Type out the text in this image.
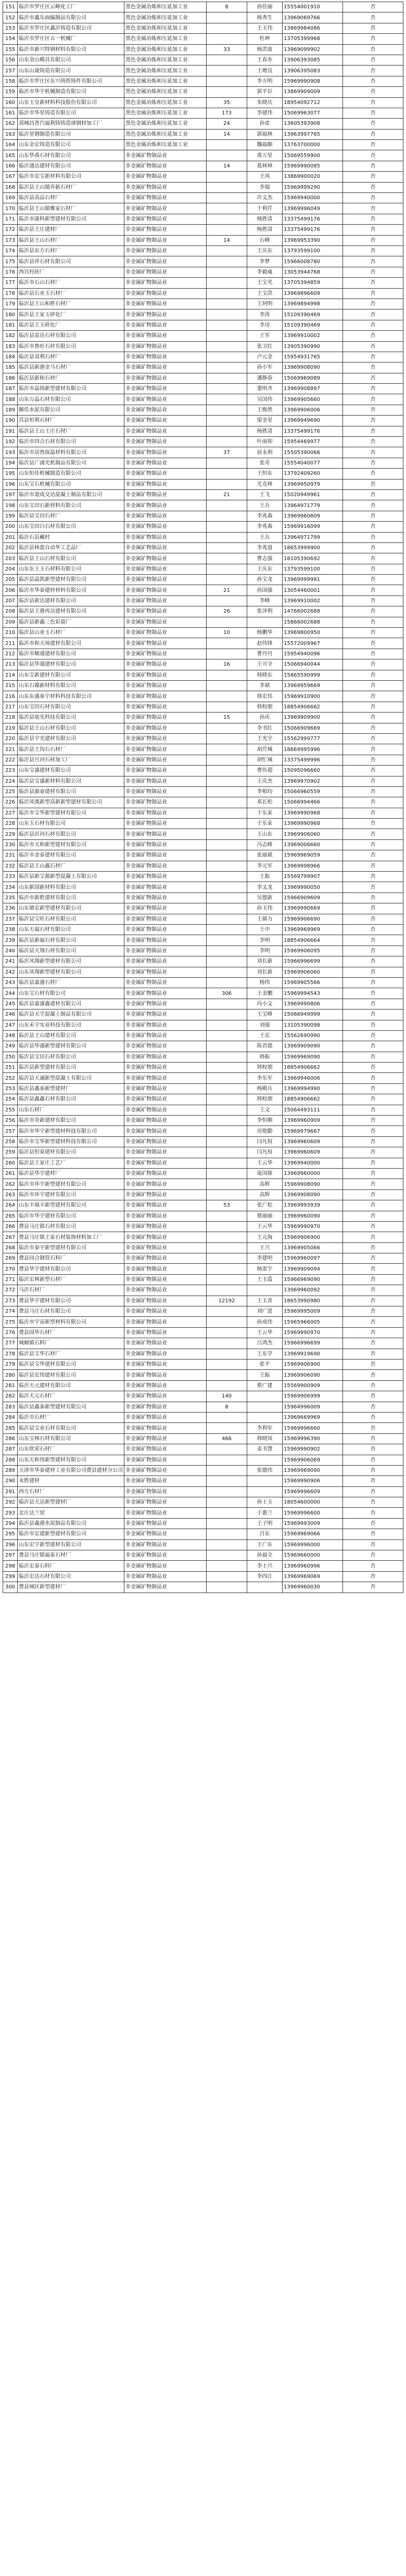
151	临沂市罗庄区云峰化工厂	黑色金属冶炼和压延加工业	8	孙佳丽	15554001910	否
152	临沂市鑫乐面编制品有限公司	黑色金属冶炼和压延加工业		杨秀生	13969069766	否
153	临沂市罗庄区鑫沂铸造有限公司	黑色金属冶炼和压延加工业		王玉伟	13869984086	否
154	临沂市罗庄区五一机械厂	黑色金属冶炼和压延加工业		杜坤	13705399968	否
155	临沂市新兴特钢材料有限公司	黑色金属冶炼和压延加工业	33	杨洪波	13969099902	否
156	山东金山模具有限公司	黑色金属冶炼和压延加工业		王春水	13906393085	否
157	山东山晟铸造有限公司	黑色金属冶炼和压延加工业		王增良	13906395083	否
158	临沂市罗庄区东兴铸铁铸件有限公司	黑色金属冶炼和压延加工业		李方明	15969990908	否
159	临沂市华宇机械制造有限公司	黑色金属冶炼和压延加工业		郭平臣	13869909009	否
160	山东玉皇新材料科技股份有限公司	黑色金属冶炼和压延加工业	35	朱晓庆	18954092712	否
161	临沂市华星铸造有限公司	黑色金属冶炼和压延加工业	173	李建伟	15069963077	否
162	邳城昌普汽福利铸铸造球钢材加工厂	黑色金属冶炼和压延加工业	24	孙雷	13605393908	否
163	临沂星钢制造有限公司	黑色金属冶炼和压延加工业	14	郭福林	13963997765	否
164	山东金宏铸造有限公司	黑色金属冶炼和压延加工业		魏福顺	13763700000	否
165	山东华禹石材有限公司	非金属矿物制品业		黄万星	15069559900	否
166	临沂通达建材有限公司	非金属矿物制品业	14	葛林林	15969990085	否
167	临沂市宏宝新材料有限公司	非金属矿物制品业		王风	13869900020	否
168	临沂县王山镇乔新石材厂	非金属矿物制品业		李瑞	15969999290	否
169	临沂县高品石材厂	非金属矿物制品业		许文杰	15969940000	否
170	临沂县王山镇雅家石材厂	非金属矿物制品业		于利芹	13969996049	否
171	临沂市康科新型建材有限公司	非金属矿物制品业		杨胜清	13375499176	否
172	临沂县王庄建材厂	非金属矿物制品业		杨胜清	13375499176	否
173	临沂县王山石材厂	非金属矿物制品业	14	石峰	13969953390	否
174	临沂县东方石材厂	非金属矿物制品业		王庆东	13793599100	否
175	临沂县祥石材有限公司	非金属矿物制品业		李梦	15966008780	否
176	西宫村砖厂	非金属矿物制品业		李毅威	13053944768	否
177	临沂市石山石材厂	非金属矿物制品业		王宝光	13705394859	否
178	临沂县石业玉石材厂	非金属矿物制品业		王宝洪	13969896609	否
179	临沂县王山和胜石材厂	非金属矿物制品业		王珂明	13969894998	否
180	临沂县王家玉碎化厂	非金属矿物制品业		李涛	15109390469	否
181	临沂县王玉碎化厂	非金属矿物制品业		李诗	15109390469	否
182	临沂县富达石材有限公司	非金属矿物制品业		王军	13969910002	否
183	临沂市鲁旺石材有限公司	非金属矿物制品业		张卫红	13905390990	否
184	临沂县双利石材厂	非金属矿物制品业		卢元金	15954931765	否
185	临沂县新港金马石材厂	非金属矿物制品业		孙小军	13969908090	否
186	临沂县新和石材厂	非金属矿物制品业		潘静春	15069969089	否
187	临沂市晶铸新型建材有限公司	非金属矿物制品业		董明齐	13969908897	否
188	山东万晶石材有限公司	非金属矿物制品业		吴国伟	13969905660	否
189	颐佳水泥有限公司	非金属矿物制品业		王焕然	13969906006	否
190	莒县恒利石材厂	非金属矿物制品业		梁金星	13969949690	否
191	临沂县王山王庄石材厂	非金属矿物制品业		杨胜清	13375499176	否
192	临沂市四合石材有限公司	非金属矿物制品业		叶雨卯	15954469977	否
193	临沂市居然保温材料有限公司	非金属矿物制品业	37	屈永利	15505390066	否
194	临沂县广浦光机制品有限公司	非金属矿物制品业		张奇	15554040077	否
195	山东恒佳机械制造有限公司	非金属矿物制品业		王恒东	13792409260	否
196	山东宝石机械有限公司	非金属矿物制品业		尤克林	13969950979	否
197	临沂市道成交达混凝土制品有限公司	非金属矿物制品业	21	王飞	15020949961	否
198	山东宝田石新材料有限公司	非金属矿物制品业		王兵	13964971779	否
199	临沂县宝田石材厂	非金属矿物制品业		李兆森	13969960809	否
200	山东宝田白石材有限公司	非金属矿物制品业		李兆森	15969916099	否
201	临沂石县藏村	非金属矿物制品业		王兵	13964971799	否
202	临沂县林盈自动华工艺品厂	非金属矿物制品业		李兆道	18653999900	否
203	临沂县王山石材有限公司	非金属矿物制品业		曹志强	18105390692	否
204	山东东王玉石材料有限公司	非金属矿物制品业		王庆东	13793599100	否
205	临沂县晶凯新型建材有限公司	非金属矿物制品业		孙宝龙	13969999991	否
206	临沂市华泰建材材料有限公司	非金属矿物制品业	21	孙国强	13054460001	否
207	临沂县新达建材有限公司	非金属矿物制品业		李峰	13969910002	否
208	临沂县王港再达建材有限公司	非金属矿物制品业	26	张泽利	14766002688	否
209	临沂县新鑫三色彩瓷厂	非金属矿物制品业			15866002688	否
210	临沂县山业玉石材厂	非金属矿物制品业	10	杨鹏华	13969800950	否
211	临沂市和天场建材有限公司	非金属矿物制品业		赵伟锋	15572009967	否
212	临沂市顺通建材有限公司	非金属矿物制品业		曹丹丹	15954940096	否
213	临沂县华通建材有限公司	非金属矿物制品业	16	王可全	15066940044	否
214	山东宝新建材有限公司	非金属矿物制品业		韩晓东	15865590999	否
215	山东石赣新材料有限公司	非金属矿物制品业		李斌	13969959669	否
216	山东东盛泰宇材料科技有限公司	非金属矿物制品业		韩宏伟	15969910900	否
217	山东宝田石材有限公司	非金属矿物制品业		韩校朋	18854906662	否
218	临沂县旭光科技有限公司	非金属矿物制品业	15	孙庆	13969909900	否
219	临沂县王山石材有限公司	非金属矿物制品业		李书红	15066909669	否
220	临沂县宇光建材有限公司	非金属矿物制品业		王光宇	15562999777	否
221	临沂县王沟石石材厂	非金属矿物制品业		胡芹城	18669995996	否
222	临沂县月河石材加工厂	非金属矿物制品业		胡忙城	13375499996	否
223	山东宝盛建材有限公司	非金属矿物制品业		曹传超	15095096660	否
224	临沂县宝盛新材料有限公司	非金属矿物制品业		王庆杰	13969970902	否
225	临沂县源泰建材有限公司	非金属矿物制品业		李相均	15066960559	否
226	临沂凤凰新型高新新型建材有限公司	非金属矿物制品业		邓长松	15066994466	否
227	临沂市宝华新型建材有限公司	非金属矿物制品业		于乐家	13969990968	否
228	山东玉石材有限公司	非金属矿物制品业		于乐家	13969990968	否
229	临沂县沂河石材有限公司	非金属矿物制品业		王山东	13969906060	否
230	临沂市天和新型建材有限公司	非金属矿物制品业		冯志峰	13969006660	否
231	临沂市金泰建材有限公司	非金属矿物制品业		张丽斌	15969969059	否
232	临沂县王山鑫石材厂	非金属矿物制品业		李元军	13969998966	否
233	临沂县新宝源新型混凝土有限公司	非金属矿物制品业		王振	15569799907	否
234	山东新国新材料有限公司	非金属矿物制品业		李文龙	13969990050	否
235	临沂市新胜建材有限公司	非金属矿物制品业		吴德新	15966909609	否
236	山东鼎宏新型建材有限公司	非金属矿物制品业		孙玉伟	13969990669	否
237	临沂县宝旺石材有限公司	非金属矿物制品业		王郝力	15969906690	否
238	山东天福石材有限公司	非金属矿物制品业		王中	13969969969	否
239	临沂县新福石材有限公司	非金属矿物制品业		李明	18854906664	否
240	临沂县天翔石材有限公司	非金属矿物制品业		李明	15969906095	否
241	临沂凤翔新型建材有限公司	非金属矿物制品业		刘长新	15966996699	否
242	山东凤翔新型建材有限公司	非金属矿物制品业		刘长新	15969906060	否
243	临沂县嘉盛石材厂	非金属矿物制品业		杨伟	15969905566	否
244	山东宝石材有限公司	非金属矿物制品业	306	王金鹏	15969994543	否
245	临沂县嘉盛鑫建材有限公司	非金属矿物制品业		冯小文	13969990806	否
246	临沂县天宇混凝土制品有限公司	非金属矿物制品业		王宝峰	15066949999	否
247	山东禾宇实业科技有限公司	非金属矿物制品业		刘强	13105390098	否
248	临沂县王山建材有限公司	非金属矿物制品业		王宏	15562690990	否
249	临沂县华盛新型建材有限公司	非金属矿物制品业		陈君德	13969909090	否
250	临沂县宝田石材有限公司	非金属矿物制品业		韩振	15969969090	否
251	临沂县新型建材有限公司	非金属矿物制品业		韩校朋	18854906662	否
252	临沂县天诚新型混凝土有限公司	非金属矿物制品业		李乐军	13969946006	否
253	临沂县鑫泰新型建材厂	非金属矿物制品业		杨殿兵	13969994990	否
254	临沂县鑫鑫石材有限公司	非金属矿物制品业		韩校朋	18854906662	否
255	山东石材厂	非金属矿物制品业		王文	15064493111	否
256	临沂市奇新建材有限公司	非金属矿物制品业		李恒顺	13969960909	否
257	临沂市华宇新型建材科技有限公司	非金属矿物制品业		房艳勤	15969979667	否
258	临沂市宝华新型建材科技有限公司	非金属矿物制品业		闫凡权	13969960609	否
259	临沂县恒泰建材有限公司	非金属矿物制品业		闫凡权	13969960609	否
260	临沂县王家庄工艺厂	非金属矿物制品业		王云华	13969940000	否
261	临沂县华宇建材厂	非金属矿物制品业		庞国保	13969960000	否
262	临沂市环宇新型建材有限公司	非金属矿物制品业		高辉	15969908090	否
263	临沂市环宇建材有限公司	非金属矿物制品业		高辉	13969908090	否
264	山东丰瑞丰新型建材有限公司	非金属矿物制品业	53	张广松	13969993939	否
265	临沂市华宇建材有限公司	非金属矿物制品业		蔡丽丽	13969960090	否
266	费县马庄镇石材有限公司	非金属矿物制品业		王云华	15969990970	否
267	费县马庄镇王家石材装饰材料加工厂	非金属矿物制品业		王元海	15969906900	否
268	临沂市泰宇新型建材有限公司	非金属矿物制品业		王兴	13969905066	否
269	费县同合钢管石料厂	非金属矿物制品业		李建明	15969960097	否
270	费县华宇建材有限公司	非金属矿物制品业		杨雷宇	13969909094	否
271	临沂宏林新型石材厂	非金属矿物制品业		王玉霞	15966969090	否
272	马沂石材厂	非金属矿物制品业			13969960092	否
273	费县华宇建材有限公司	非金属矿物制品业	12192	王玉喜	18653990980	否
274	费县马庄石材有限公司	非金属矿物制品业		刘广进	15969995009	否
275	临沂市宇宙新型材料有限公司	非金属矿物制品业		孙成伟	15965966005	否
276	费县国华石材厂	非金属矿物制品业		王云华	15969990970	否
277	城厢镇石料厂	非金属矿物制品业		吕鸿杰	15966996699	否
278	临沂县宝华石材厂	非金属矿物制品业		王东学	13969919690	否
279	临沂县宝华建材有限公司	非金属矿物制品业		张平	15969906900	否
280	临沂县宏伟建材有限公司	非金属矿物制品业		王振	13969906090	否
281	临沂天元建材有限公司	非金属矿物制品业		蔡广建	15569900909	否
282	临沂天元石材厂	非金属矿物制品业	140		15969906999	否
283	临沂县鑫泰新型建材有限公司	非金属矿物制品业	8		15964996009	否
284	临沂市石材厂	非金属矿物制品业			13969669969	否
285	临沂县宝业石材有限公司	非金属矿物制品业		李利军	15969996660	否
286	山东宝林石材有限公司	非金属矿物制品业	466	韩晓凤	15969996390	否
287	山东欣荣石材厂	非金属矿物制品业		姜书慧	15969990902	否
288	山东天和伟新型建材有限公司	非金属矿物制品业			15969906069	否
289	天津市华泰建材工业有限公司费县建材分公司	非金属矿物制品业		张德伟	13969969090	否
290	永胜建材	非金属矿物制品业			15969990906	否
291	西方石材厂	非金属矿物制品业			15969996609	否
292	临沂县天达新型建材厂	非金属矿物制品业		孙士玉	18054600000	否
293	北庄达兰窑	非金属矿物制品业		于惠兰	15969996600	否
294	临沂县鑫港水泥制品有限公司	非金属矿物制品业		王子明	15969993009	否
295	临沂市宏建新型建材有限公司	非金属矿物制品业		吕东	15969969066	否
296	山东宏宇新型建材有限公司	非金属矿物制品业		王广东	15969996000	否
297	费县马庄镇福泰石材厂	非金属矿物制品业		孙福全	15969660000	否
298	临沂宏泰石料厂	非金属矿物制品业		李士兴	13969960996	否
299	临沂宏达石材有限公司	非金属矿物制品业		李四江	13969969069	否
300	费县城区新型建材厂	非金属矿物制品业			13969960030	否
